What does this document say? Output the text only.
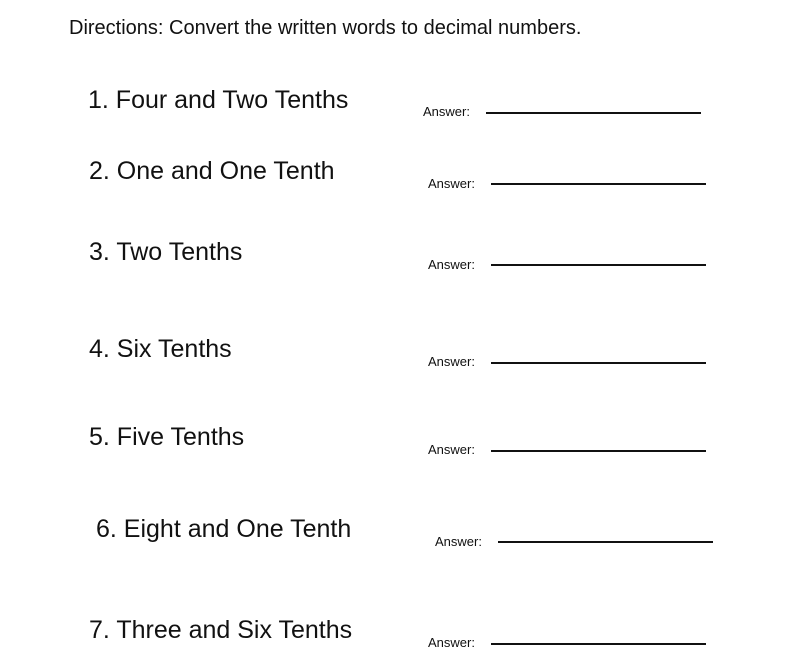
Directions: Convert the written words to decimal numbers.
1. Four and Two Tenths	Answer:
2. One and One Tenth	Answer:
3. Two Tenths	Answer:
4. Six Tenths	Answer:
5. Five Tenths	Answer:
6. Eight and One Tenth	Answer:
7. Three and Six Tenths	Answer:
